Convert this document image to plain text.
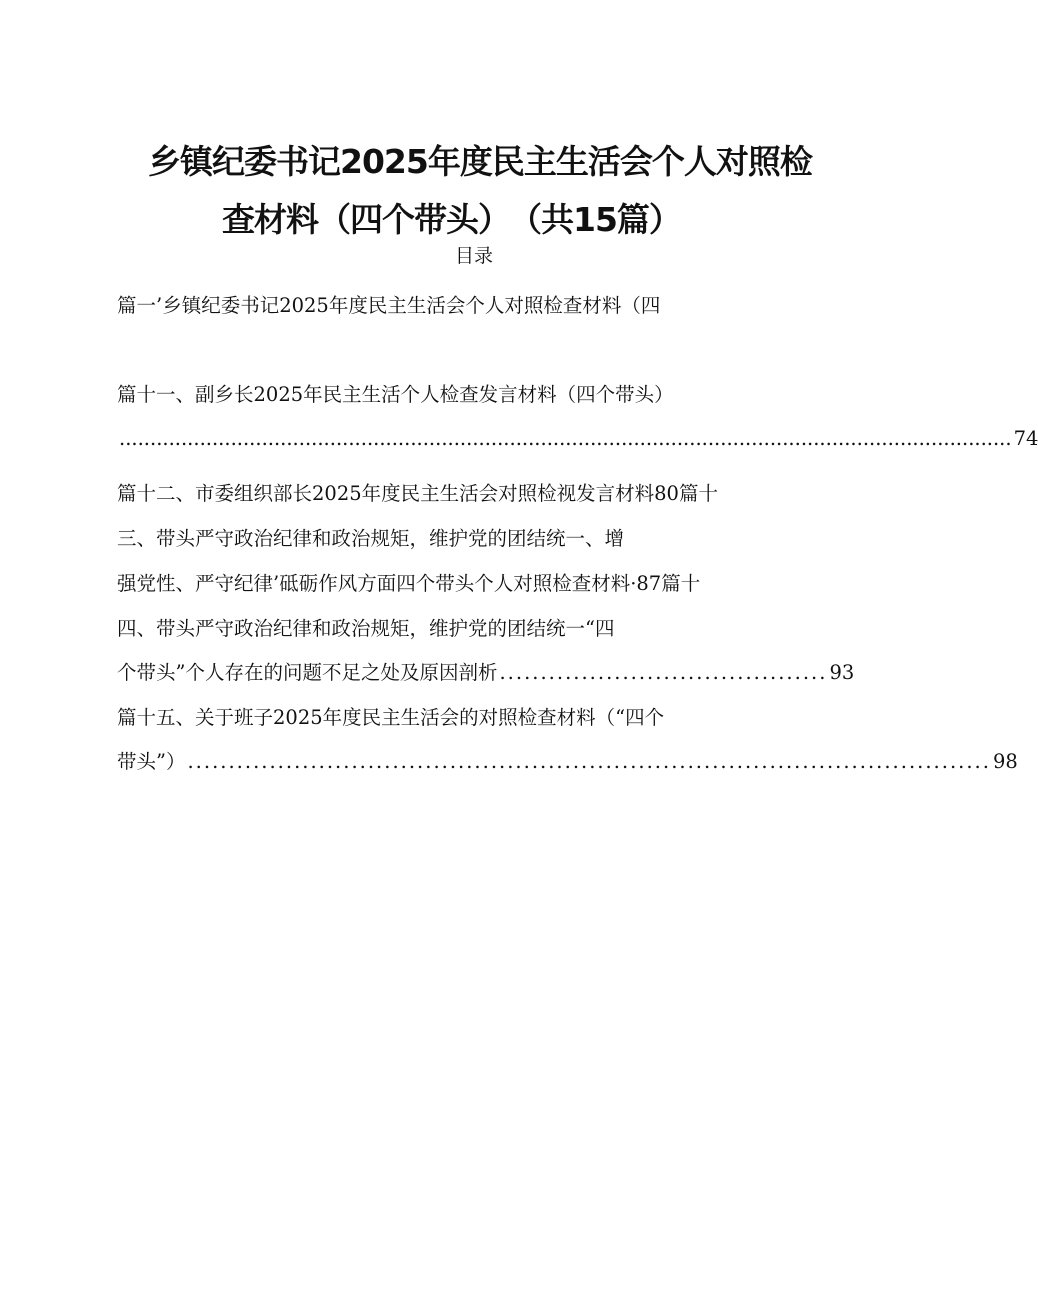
乡镇纪委书记2025年度民主生活会个人对照检
查材料（四个带头）　（共15篇）
目录
篇一’乡镇纪委书记2025年度民主生活会个人对照检查材料（四
篇十一、副乡长2025年民主生活个人检查发言材料（四个带头）
................................................................................................................................................ 74
篇十二、市委组织部长2025年度民主生活会对照检视发言材料80篇十
三、带头严守政治纪律和政治规矩，维护党的团结统一、增
强党性、严守纪律’砥砺作风方面四个带头个人对照检查材料·87篇十
四、带头严守政治纪律和政治规矩，维护党的团结统一“四
个带头”个人存在的问题不足之处及原因剖析 ........................................ 93
篇十五、关于班子2025年度民主生活会的对照检查材料（“四个
带头”） .................................................................................................. 98
